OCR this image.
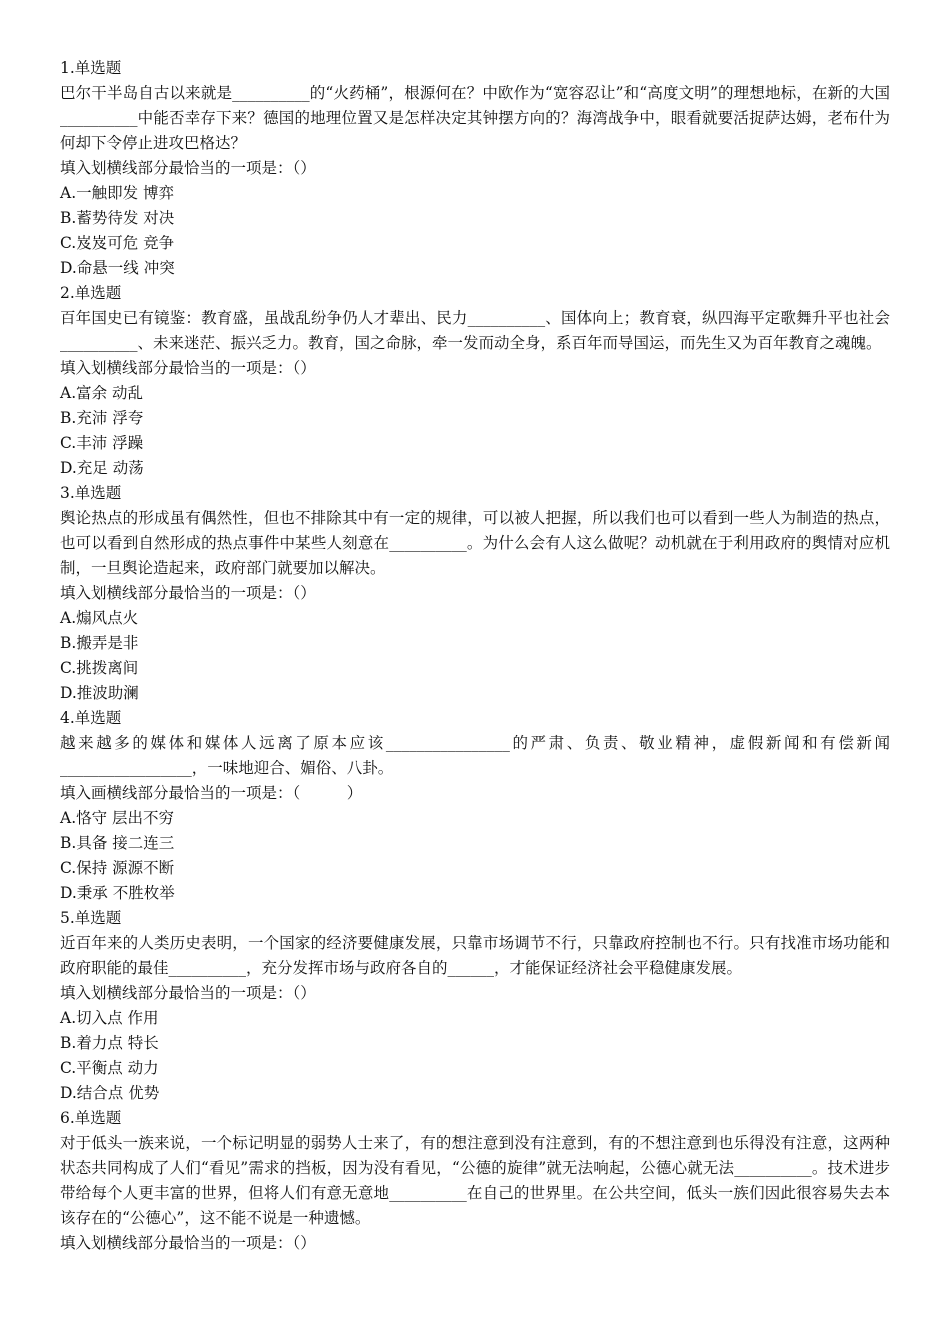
1.单选题

巴尔干半岛自古以来就是__________的“火药桶”，根源何在？中欧作为“宽容忍让”和“高度文明”的理想地标，在新的大国__________中能否幸存下来？德国的地理位置又是怎样决定其钟摆方向的？海湾战争中，眼看就要活捉萨达姆，老布什为何却下令停止进攻巴格达？

填入划横线部分最恰当的一项是：（）

A.一触即发 博弈

B.蓄势待发 对决

C.岌岌可危 竞争

D.命悬一线 冲突

2.单选题

百年国史已有镜鉴：教育盛，虽战乱纷争仍人才辈出、民力__________、国体向上；教育衰，纵四海平定歌舞升平也社会__________、未来迷茫、振兴乏力。教育，国之命脉，牵一发而动全身，系百年而导国运，而先生又为百年教育之魂魄。

填入划横线部分最恰当的一项是：（）

A.富余 动乱

B.充沛 浮夸

C.丰沛 浮躁

D.充足 动荡

3.单选题

舆论热点的形成虽有偶然性，但也不排除其中有一定的规律，可以被人把握，所以我们也可以看到一些人为制造的热点，也可以看到自然形成的热点事件中某些人刻意在__________。为什么会有人这么做呢？动机就在于利用政府的舆情对应机制，一旦舆论造起来，政府部门就要加以解决。

填入划横线部分最恰当的一项是：（）

A.煽风点火

B.搬弄是非

C.挑拨离间

D.推波助澜

4.单选题

越来越多的媒体和媒体人远离了原本应该________________的严肃、负责、敬业精神，虚假新闻和有偿新闻_________________，一味地迎合、媚俗、八卦。

填入画横线部分最恰当的一项是：（　　　）

A.恪守 层出不穷

B.具备 接二连三

C.保持 源源不断

D.秉承 不胜枚举

5.单选题

近百年来的人类历史表明，一个国家的经济要健康发展，只靠市场调节不行，只靠政府控制也不行。只有找准市场功能和政府职能的最佳__________，充分发挥市场与政府各自的______，才能保证经济社会平稳健康发展。

填入划横线部分最恰当的一项是：（）

A.切入点 作用

B.着力点 特长

C.平衡点 动力

D.结合点 优势

6.单选题

对于低头一族来说，一个标记明显的弱势人士来了，有的想注意到没有注意到，有的不想注意到也乐得没有注意，这两种状态共同构成了人们“看见”需求的挡板，因为没有看见，“公德的旋律”就无法响起，公德心就无法__________。技术进步带给每个人更丰富的世界，但将人们有意无意地__________在自己的世界里。在公共空间，低头一族们因此很容易失去本该存在的“公德心”，这不能不说是一种遗憾。

填入划横线部分最恰当的一项是：（）
